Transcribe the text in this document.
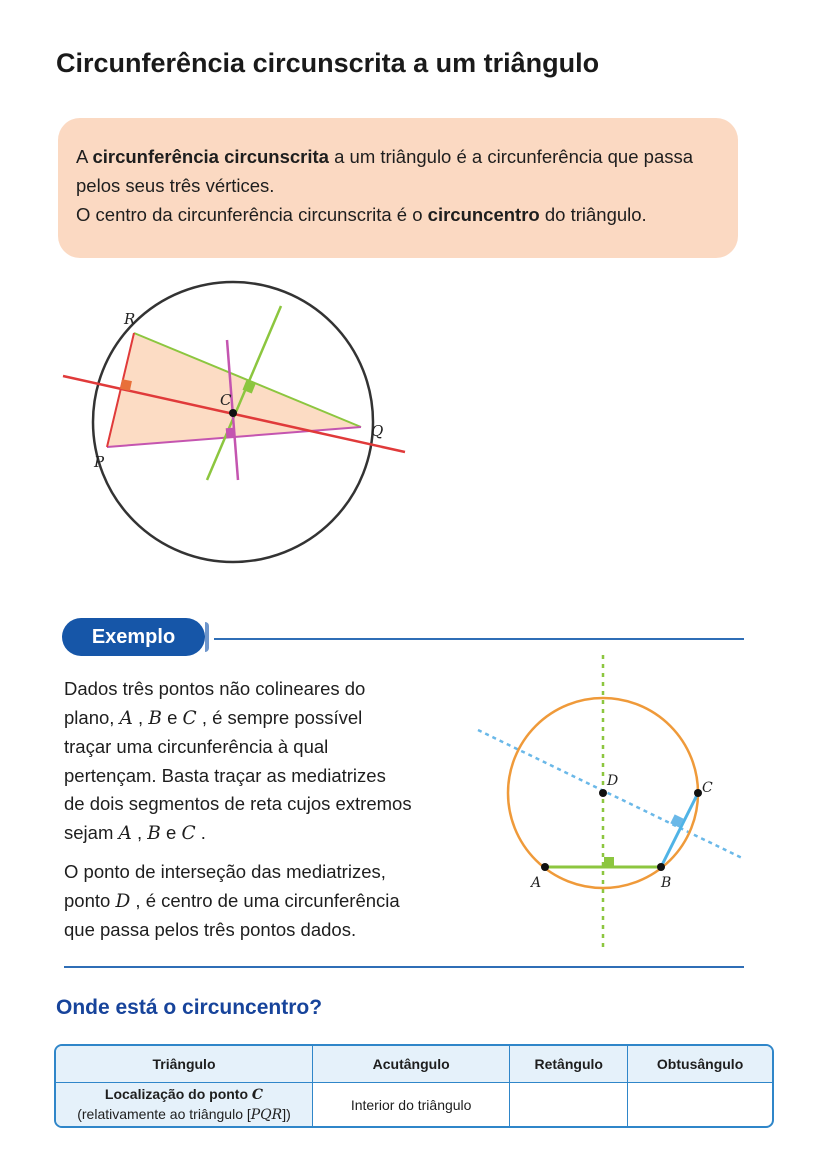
Circunferência circunscrita a um triângulo

A circunferência circunscrita a um triângulo é a circunferência que passa pelos seus três vértices.

O centro da circunferência circunscrita é o circuncentro do triângulo.

R
Q
P
C
Exemplo

Dados três pontos não colineares do
plano, A , B e C , é sempre possível
traçar uma circunferência à qual
pertençam. Basta traçar as mediatrizes
de dois segmentos de reta cujos extremos
sejam A , B e C .

O ponto de interseção das mediatrizes,
ponto D , é centro de uma circunferência
que passa pelos três pontos dados.

A	B
C
D
Onde está o circuncentro?
Triângulo	Acutângulo	Retângulo	Obtusângulo
Localização do ponto C
(relativamente ao triângulo [PQR])	Interior do triângulo		
